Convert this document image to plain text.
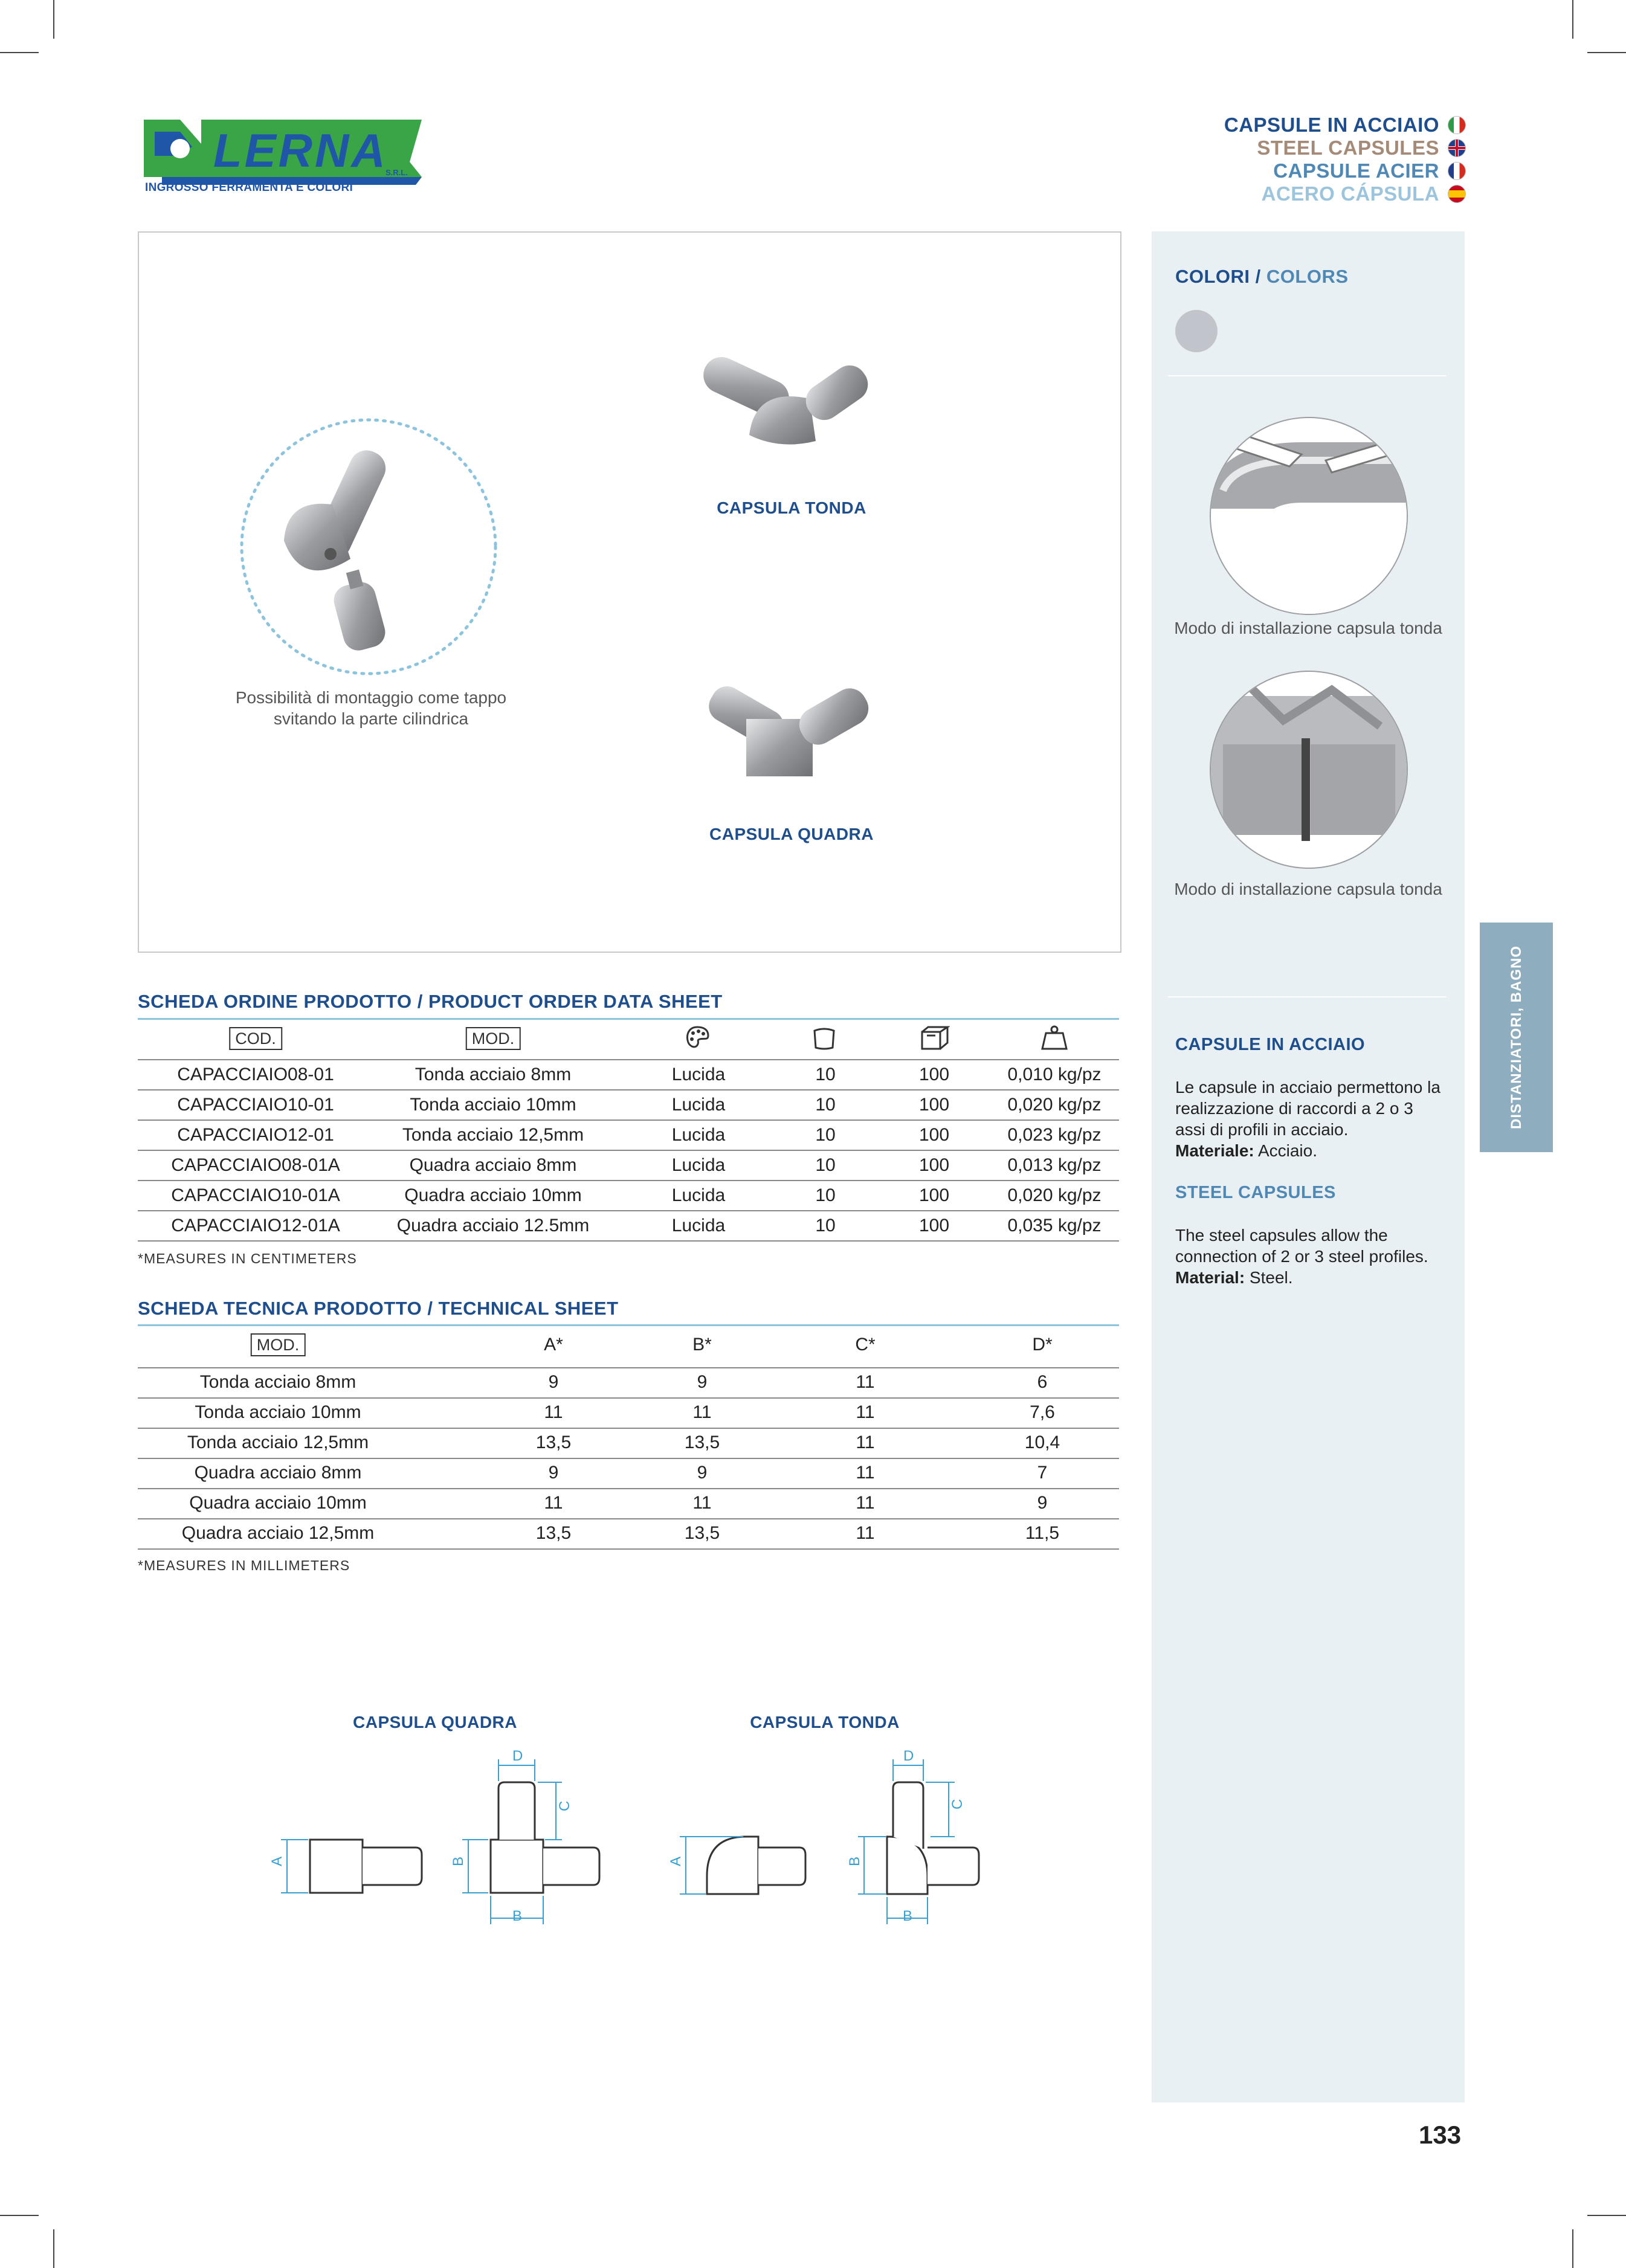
LERNA
S.R.L.
INGROSSO FERRAMENTA E COLORI
CAPSULE IN ACCIAIO
STEEL CAPSULES
CAPSULE ACIER
ACERO CÁPSULA
Possibilità di montaggio come tappo
svitando la parte cilindrica
CAPSULA TONDA
CAPSULA QUADRA
COLORI / COLORS
Modo di installazione capsula tonda
Modo di installazione capsula tonda
CAPSULE IN ACCIAIO
Le capsule in acciaio permettono la realizzazione di raccordi a 2 o 3 assi di profili in acciaio.
Materiale: Acciaio.
STEEL CAPSULES
The steel capsules allow the connection of 2 or 3 steel profiles.
Material: Steel.
DISTANZIATORI, BAGNO
SCHEDA ORDINE PRODOTTO / PRODUCT ORDER DATA SHEET
COD.	MOD.
CAPACCIAIO08-01	Tonda acciaio 8mm	Lucida	10	100	0,010 kg/pz
CAPACCIAIO10-01	Tonda acciaio 10mm	Lucida	10	100	0,020 kg/pz
CAPACCIAIO12-01	Tonda acciaio 12,5mm	Lucida	10	100	0,023 kg/pz
CAPACCIAIO08-01A	Quadra acciaio 8mm	Lucida	10	100	0,013 kg/pz
CAPACCIAIO10-01A	Quadra acciaio 10mm	Lucida	10	100	0,020 kg/pz
CAPACCIAIO12-01A	Quadra acciaio 12.5mm	Lucida	10	100	0,035 kg/pz
*MEASURES IN CENTIMETERS
SCHEDA TECNICA PRODOTTO / TECHNICAL SHEET
MOD.	A*	B*	C*	D*
Tonda acciaio 8mm	9	9	11	6
Tonda acciaio 10mm	11	11	11	7,6
Tonda acciaio 12,5mm	13,5	13,5	11	10,4
Quadra acciaio 8mm	9	9	11	7
Quadra acciaio 10mm	11	11	11	9
Quadra acciaio 12,5mm	13,5	13,5	11	11,5
*MEASURES IN MILLIMETERS
CAPSULA QUADRA	CAPSULA TONDA
A	B
B
D
C
A	B
B
D
C
133
